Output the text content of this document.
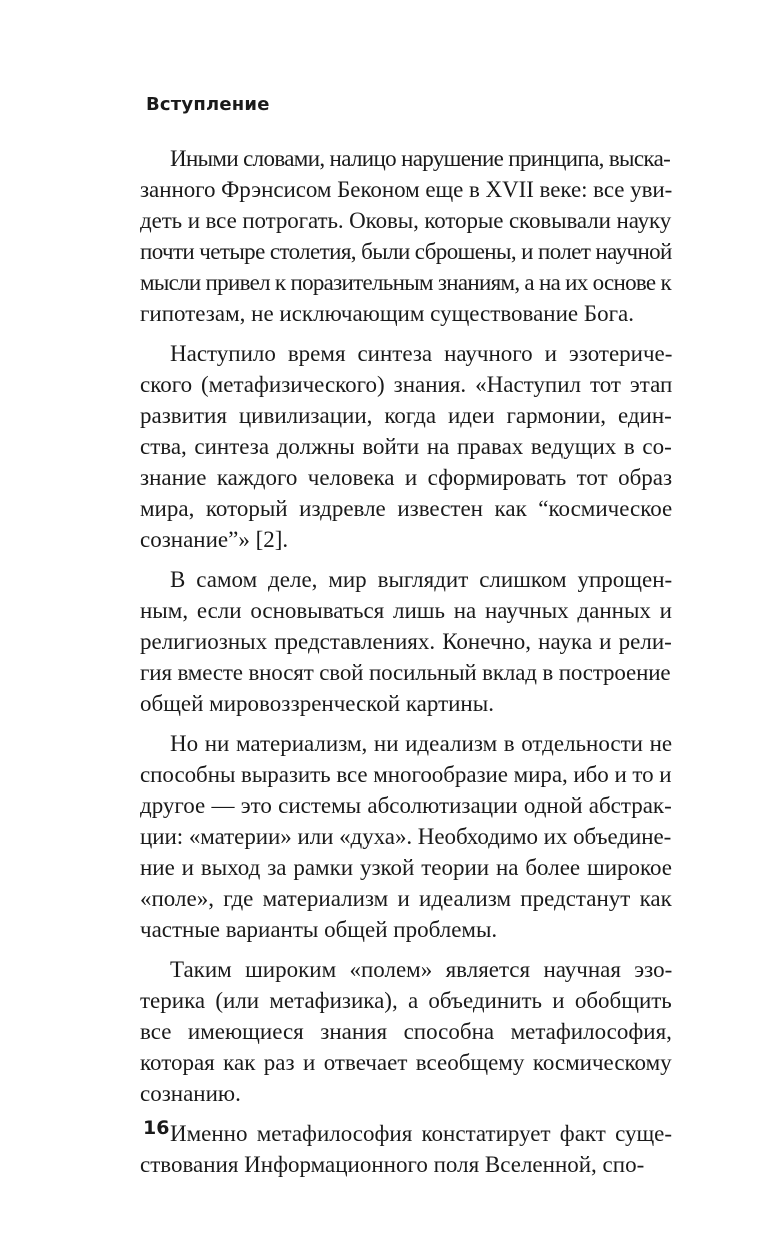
Вступление
Иными словами, налицо нарушение принципа, выска-
занного Фрэнсисом Беконом еще в XVII веке: все уви-
деть и все потрогать. Оковы, которые сковывали науку
почти четыре столетия, были сброшены, и полет научной
мысли привел к поразительным знаниям, а на их основе к
гипотезам, не исключающим существование Бога.
Наступило время синтеза научного и эзотериче-
ского (метафизического) знания. «Наступил тот этап
развития цивилизации, когда идеи гармонии, един-
ства, синтеза должны войти на правах ведущих в со-
знание каждого человека и сформировать тот образ
мира, который издревле известен как “космическое
сознание”» [2].
В самом деле, мир выглядит слишком упрощен-
ным, если основываться лишь на научных данных и
религиозных представлениях. Конечно, наука и рели-
гия вместе вносят свой посильный вклад в построение
общей мировоззренческой картины.
Но ни материализм, ни идеализм в отдельности не
способны выразить все многообразие мира, ибо и то и
другое — это системы абсолютизации одной абстрак-
ции: «материи» или «духа». Необходимо их объедине-
ние и выход за рамки узкой теории на более широкое
«поле», где материализм и идеализм предстанут как
частные варианты общей проблемы.
Таким широким «полем» является научная эзо-
терика (или метафизика), а объединить и обобщить
все имеющиеся знания способна метафилософия,
которая как раз и отвечает всеобщему космическому
сознанию.
Именно метафилософия констатирует факт суще-
ствования Информационного поля Вселенной, спо-
16
